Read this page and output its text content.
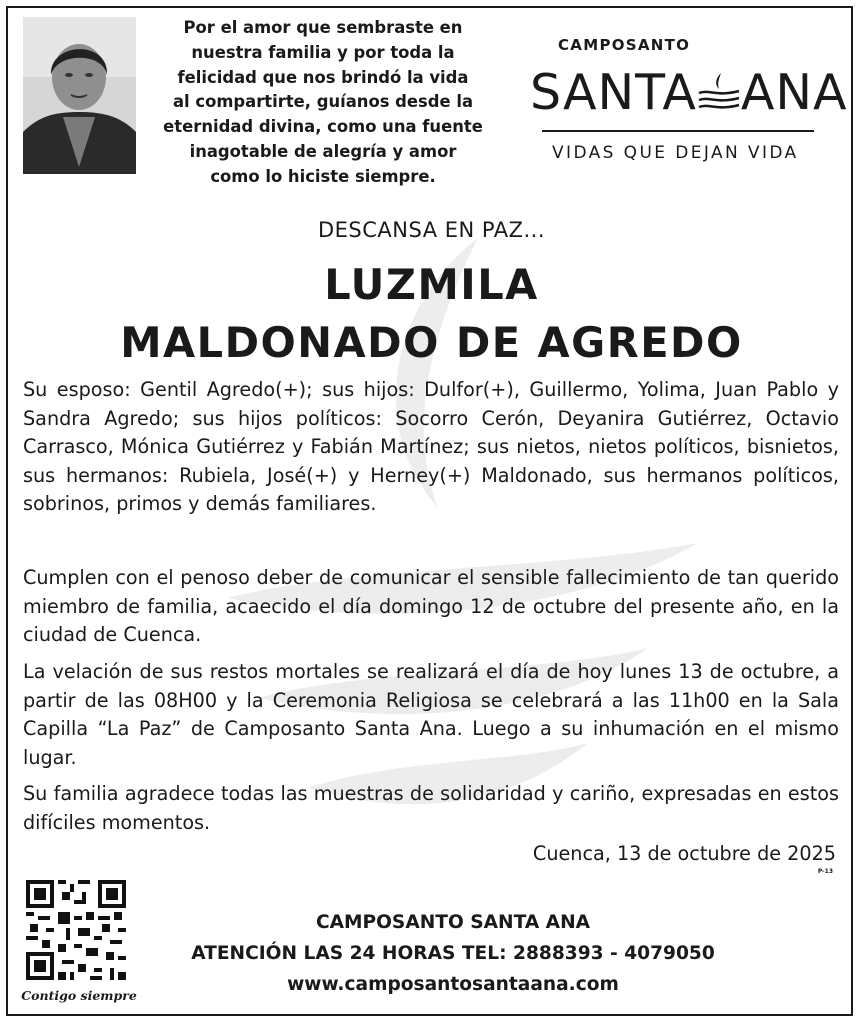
Por el amor que sembraste en
nuestra familia y por toda la
felicidad que nos brindó la vida
al compartirte, guíanos desde la
eternidad divina, como una fuente
inagotable de alegría y amor
como lo hiciste siempre.
CAMPOSANTO
SANTA ANA
VIDAS QUE DEJAN VIDA
DESCANSA EN PAZ...
LUZMILA
MALDONADO DE AGREDO
Su esposo: Gentil Agredo(+); sus hijos: Dulfor(+), Guillermo, Yolima, Juan Pablo y Sandra Agredo; sus hijos políticos: Socorro Cerón, Deyanira Gutiérrez, Octavio Carrasco, Mónica Gutiérrez y Fabián Martínez; sus nietos, nietos políticos, bisnietos, sus hermanos: Rubiela, José(+) y Herney(+) Maldonado, sus hermanos políticos, sobrinos, primos y demás familiares.
Cumplen con el penoso deber de comunicar el sensible fallecimiento de tan querido miembro de familia, acaecido el día domingo 12 de octubre del presente año, en la ciudad de Cuenca.
La velación de sus restos mortales se realizará el día de hoy lunes 13 de octubre, a partir de las 08H00 y la Ceremonia Religiosa se celebrará a las 11h00 en la Sala Capilla “La Paz” de Camposanto Santa Ana. Luego a su inhumación en el mismo lugar.
Su familia agradece todas las muestras de solidaridad y cariño, expresadas en estos difíciles momentos.
Cuenca, 13 de octubre de 2025
P-13
Contigo siempre
CAMPOSANTO SANTA ANA
ATENCIÓN LAS 24 HORAS TEL: 2888393 - 4079050
www.camposantosantaana.com
